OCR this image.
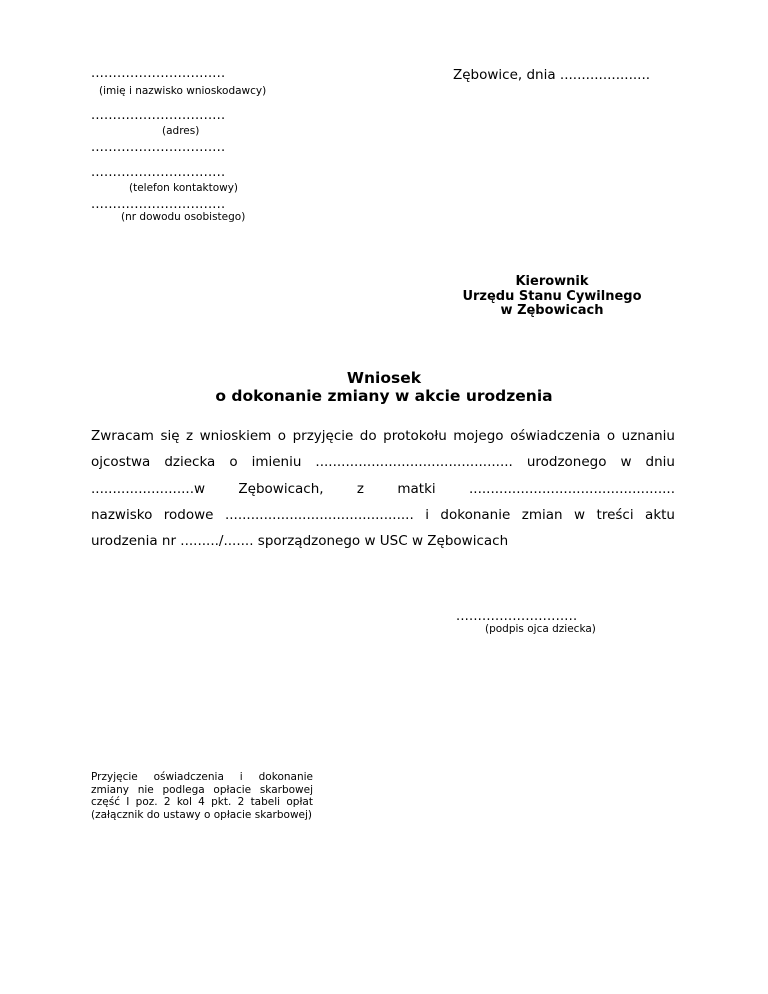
...............................
(imię i nazwisko wnioskodawcy)
...............................
(adres)
...............................
...............................
(telefon kontaktowy)
...............................
(nr dowodu osobistego)
Zębowice, dnia .....................
Kierownik
Urzędu Stanu Cywilnego
w Zębowicach
Wniosek
o dokonanie zmiany w akcie urodzenia
Zwracam się z wnioskiem o przyjęcie do protokołu mojego oświadczenia o uznaniu
ojcostwa dziecka o imieniu .............................................. urodzonego w dniu
........................w Zębowicach, z matki ................................................
nazwisko rodowe ............................................ i dokonanie zmian w treści aktu
urodzenia nr ........./....... sporządzonego w USC w Zębowicach
............................
(podpis ojca dziecka)
Przyjęcie oświadczenia i dokonanie
zmiany nie podlega opłacie skarbowej
część I poz. 2 kol 4 pkt. 2 tabeli opłat
(załącznik do ustawy o opłacie skarbowej)
